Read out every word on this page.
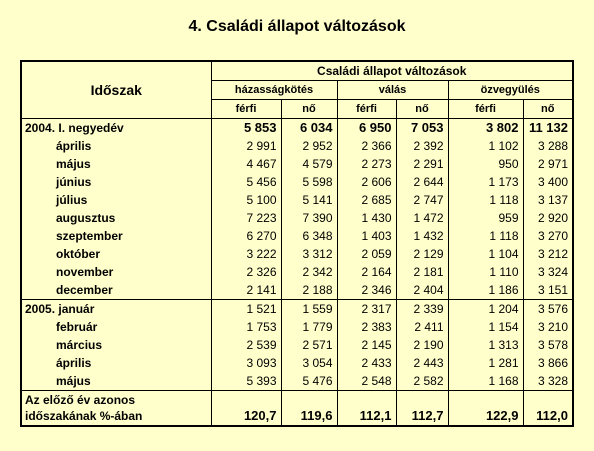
4. Családi állapot változások
Időszak	Családi állapot változások					
	házasságkötés		válás		özvegyülés	
	férfi	nő	férfi	nő	férfi	nő
2004. I. negyedév	5 853	6 034	6 950	7 053	3 802	11 132
április	2 991	2 952	2 366	2 392	1 102	3 288
május	4 467	4 579	2 273	2 291	950	2 971
június	5 456	5 598	2 606	2 644	1 173	3 400
július	5 100	5 141	2 685	2 747	1 118	3 137
augusztus	7 223	7 390	1 430	1 472	959	2 920
szeptember	6 270	6 348	1 403	1 432	1 118	3 270
október	3 222	3 312	2 059	2 129	1 104	3 212
november	2 326	2 342	2 164	2 181	1 110	3 324
december	2 141	2 188	2 346	2 404	1 186	3 151
2005. január	1 521	1 559	2 317	2 339	1 204	3 576
február	1 753	1 779	2 383	2 411	1 154	3 210
március	2 539	2 571	2 145	2 190	1 313	3 578
április	3 093	3 054	2 433	2 443	1 281	3 866
május	5 393	5 476	2 548	2 582	1 168	3 328

Az előző év azonos
időszakának %-ában	120,7	119,6	112,1	112,7	122,9	112,0
